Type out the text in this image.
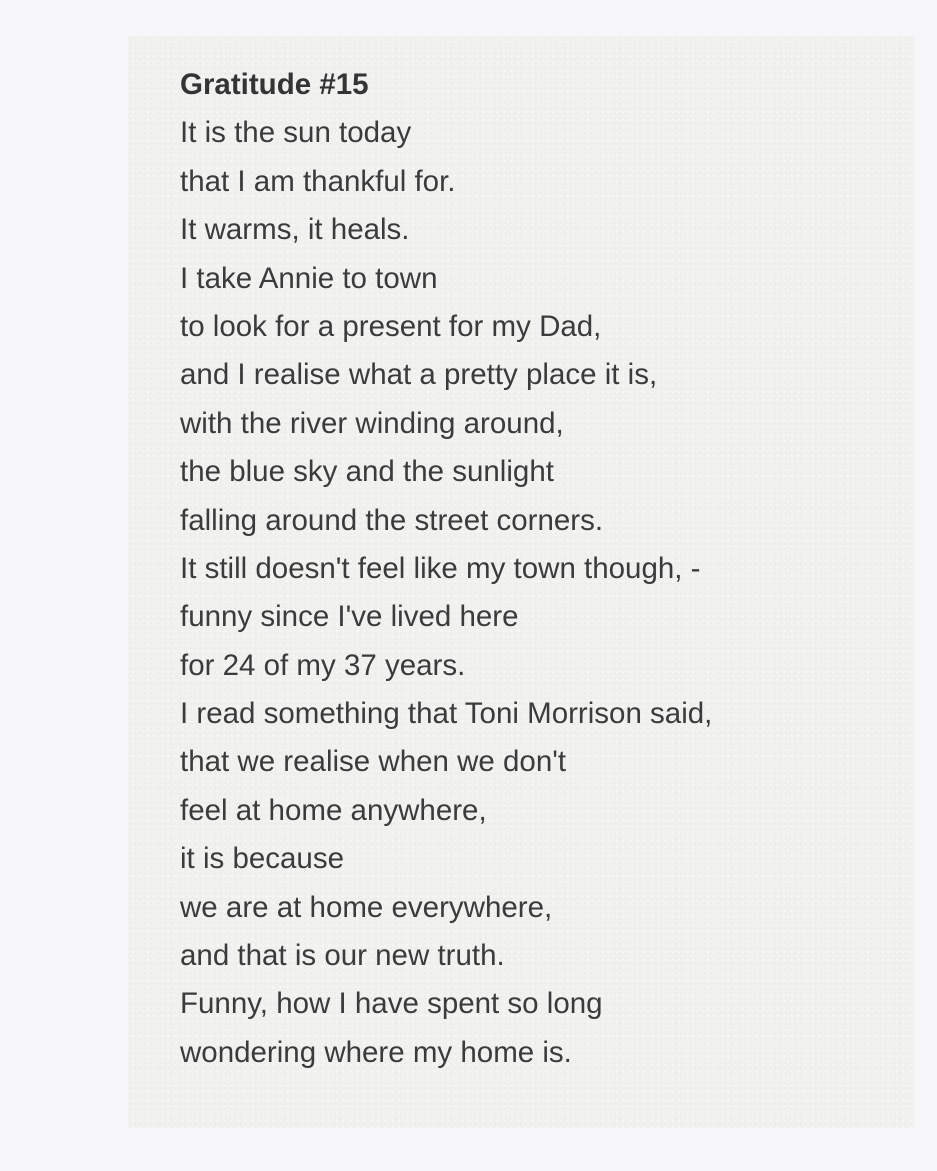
Gratitude #15
It is the sun today
that I am thankful for.
It warms, it heals.
I take Annie to town
to look for a present for my Dad,
and I realise what a pretty place it is,
with the river winding around,
the blue sky and the sunlight
falling around the street corners.
It still doesn't feel like my town though, -
funny since I've lived here
for 24 of my 37 years.
I read something that Toni Morrison said,
that we realise when we don't
feel at home anywhere,
it is because
we are at home everywhere,
and that is our new truth.
Funny, how I have spent so long
wondering where my home is.
